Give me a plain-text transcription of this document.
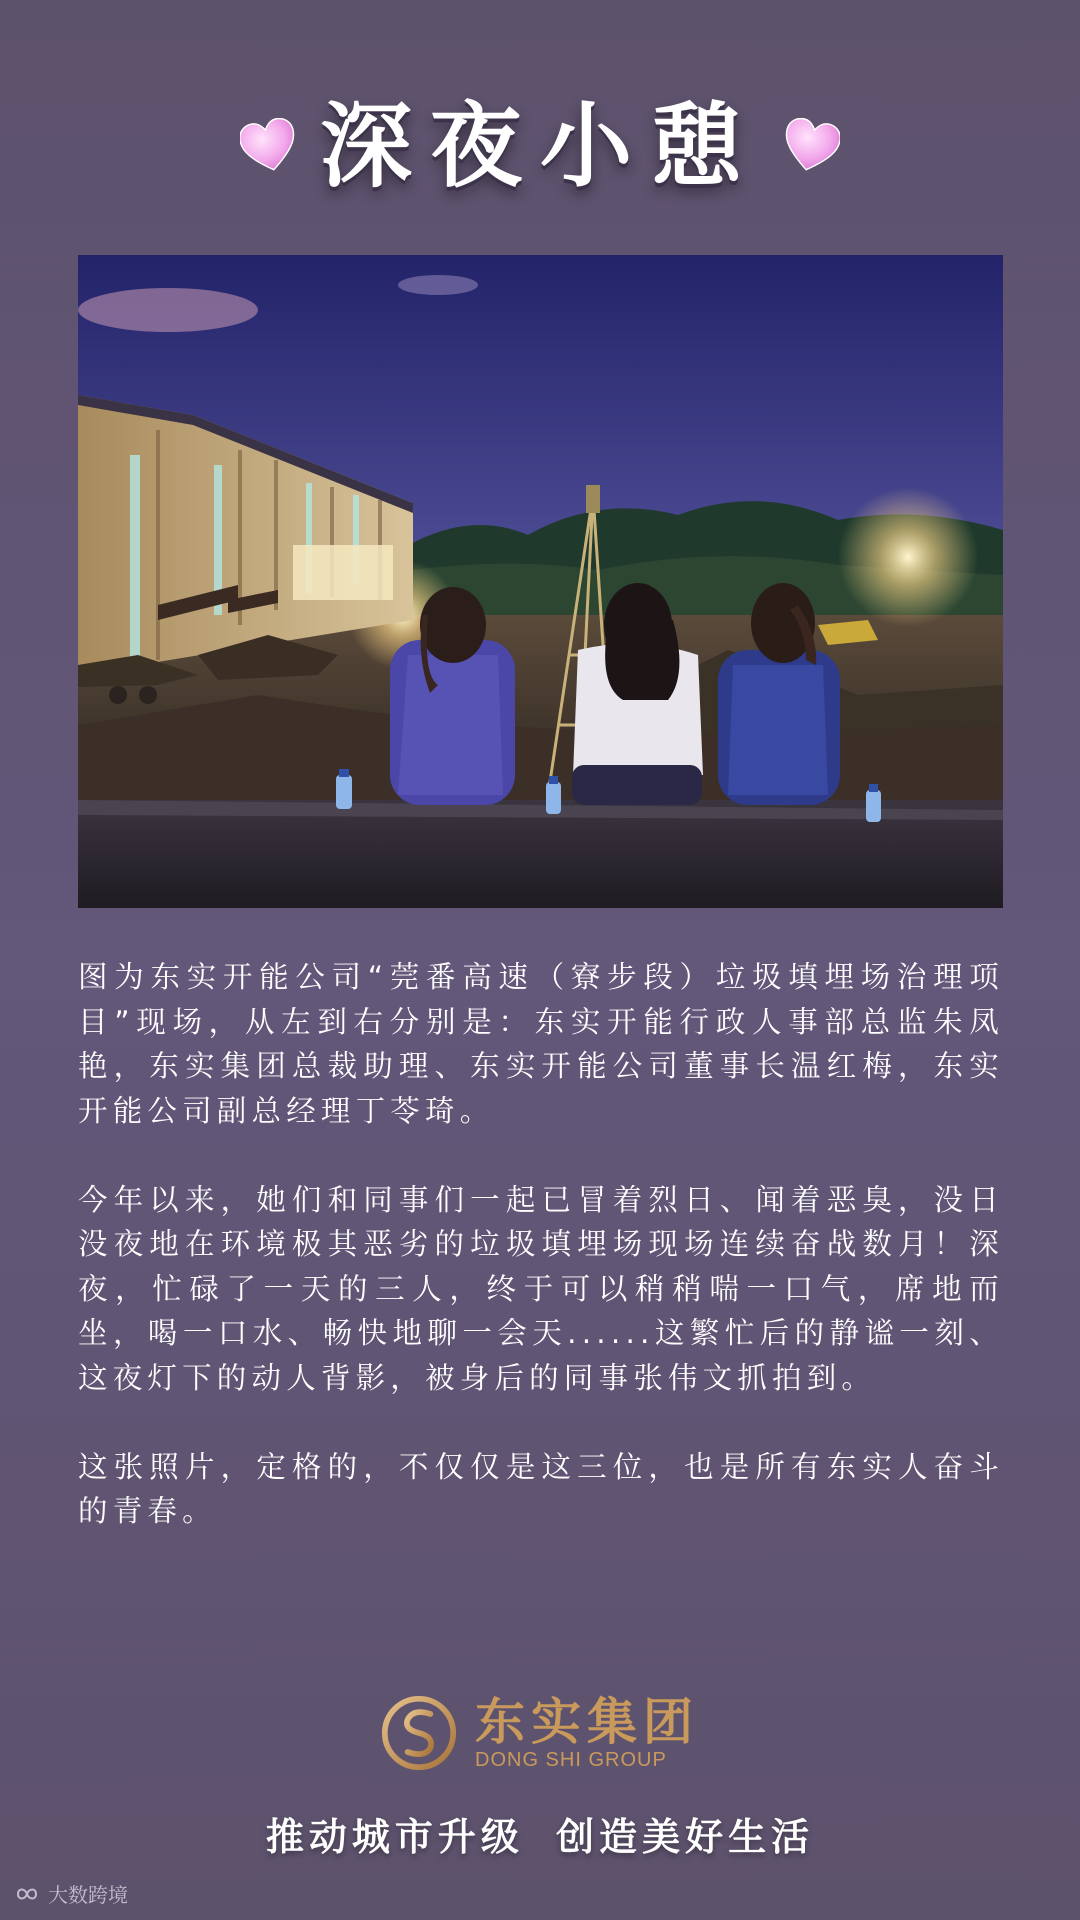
深夜小憩

图为东实开能公司“莞番高速（寮步段）垃圾填埋场治理项目”现场，从左到右分别是：东实开能行政人事部总监朱凤艳，东实集团总裁助理、东实开能公司董事长温红梅，东实开能公司副总经理丁苓琦。

今年以来，她们和同事们一起已冒着烈日、闻着恶臭，没日没夜地在环境极其恶劣的垃圾填埋场现场连续奋战数月！深夜，忙碌了一天的三人，终于可以稍稍喘一口气，席地而坐，喝一口水、畅快地聊一会天......这繁忙后的静谧一刻、这夜灯下的动人背影，被身后的同事张伟文抓拍到。

这张照片，定格的，不仅仅是这三位，也是所有东实人奋斗的青春。

东实集团
DONG SHI GROUP
推动城市升级 创造美好生活
大数跨境
